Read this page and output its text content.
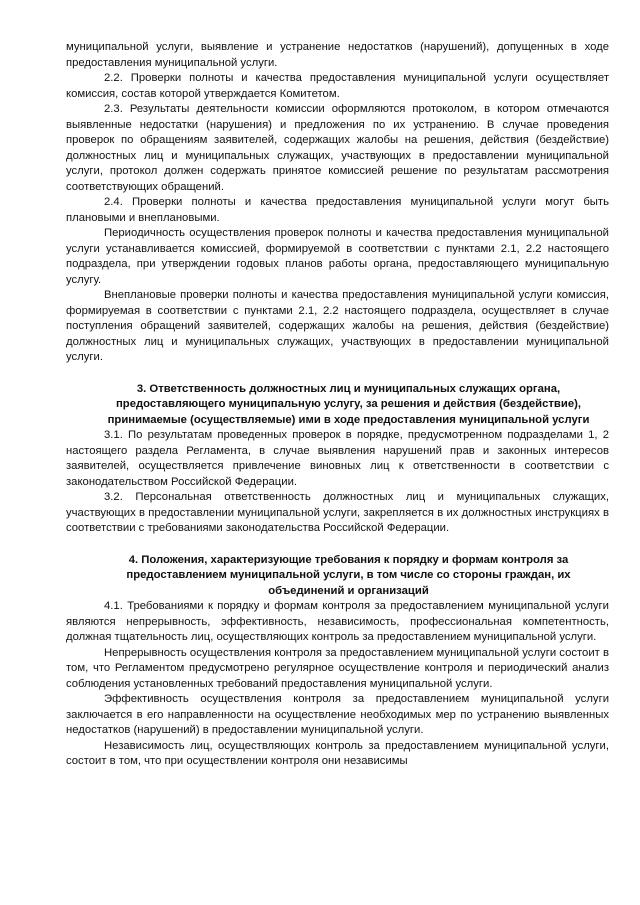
муниципальной услуги, выявление и устранение недостатков (нарушений), допущенных в ходе предоставления муниципальной услуги.

2.2. Проверки полноты и качества предоставления муниципальной услуги осуществляет комиссия, состав которой утверждается Комитетом.

2.3. Результаты деятельности комиссии оформляются протоколом, в котором отмечаются выявленные недостатки (нарушения) и предложения по их устранению. В случае проведения проверок по обращениям заявителей, содержащих жалобы на решения, действия (бездействие) должностных лиц и муниципальных служащих, участвующих в предоставлении муниципальной услуги, протокол должен содержать принятое комиссией решение по результатам рассмотрения соответствующих обращений.

2.4. Проверки полноты и качества предоставления муниципальной услуги могут быть плановыми и внеплановыми.

Периодичность осуществления проверок полноты и качества предоставления муниципальной услуги устанавливается комиссией, формируемой в соответствии с пунктами 2.1, 2.2 настоящего подраздела, при утверждении годовых планов работы органа, предоставляющего муниципальную услугу.

Внеплановые проверки полноты и качества предоставления муниципальной услуги комиссия, формируемая в соответствии с пунктами 2.1, 2.2 настоящего подраздела, осуществляет в случае поступления обращений заявителей, содержащих жалобы на решения, действия (бездействие) должностных лиц и муниципальных служащих, участвующих в предоставлении муниципальной услуги.

3. Ответственность должностных лиц и муниципальных служащих органа, предоставляющего муниципальную услугу, за решения и действия (бездействие), принимаемые (осуществляемые) ими в ходе предоставления муниципальной услуги

3.1. По результатам проведенных проверок в порядке, предусмотренном подразделами 1, 2 настоящего раздела Регламента, в случае выявления нарушений прав и законных интересов заявителей, осуществляется привлечение виновных лиц к ответственности в соответствии с законодательством Российской Федерации.

3.2. Персональная ответственность должностных лиц и муниципальных служащих, участвующих в предоставлении муниципальной услуги, закрепляется в их должностных инструкциях в соответствии с требованиями законодательства Российской Федерации.

4. Положения, характеризующие требования к порядку и формам контроля за предоставлением муниципальной услуги, в том числе со стороны граждан, их объединений и организаций

4.1. Требованиями к порядку и формам контроля за предоставлением муниципальной услуги являются непрерывность, эффективность, независимость, профессиональная компетентность, должная тщательность лиц, осуществляющих контроль за предоставлением муниципальной услуги.

Непрерывность осуществления контроля за предоставлением муниципальной услуги состоит в том, что Регламентом предусмотрено регулярное осуществление контроля и периодический анализ соблюдения установленных требований предоставления муниципальной услуги.

Эффективность осуществления контроля за предоставлением муниципальной услуги заключается в его направленности на осуществление необходимых мер по устранению выявленных недостатков (нарушений) в предоставлении муниципальной услуги.

Независимость лиц, осуществляющих контроль за предоставлением муниципальной услуги, состоит в том, что при осуществлении контроля они независимы
